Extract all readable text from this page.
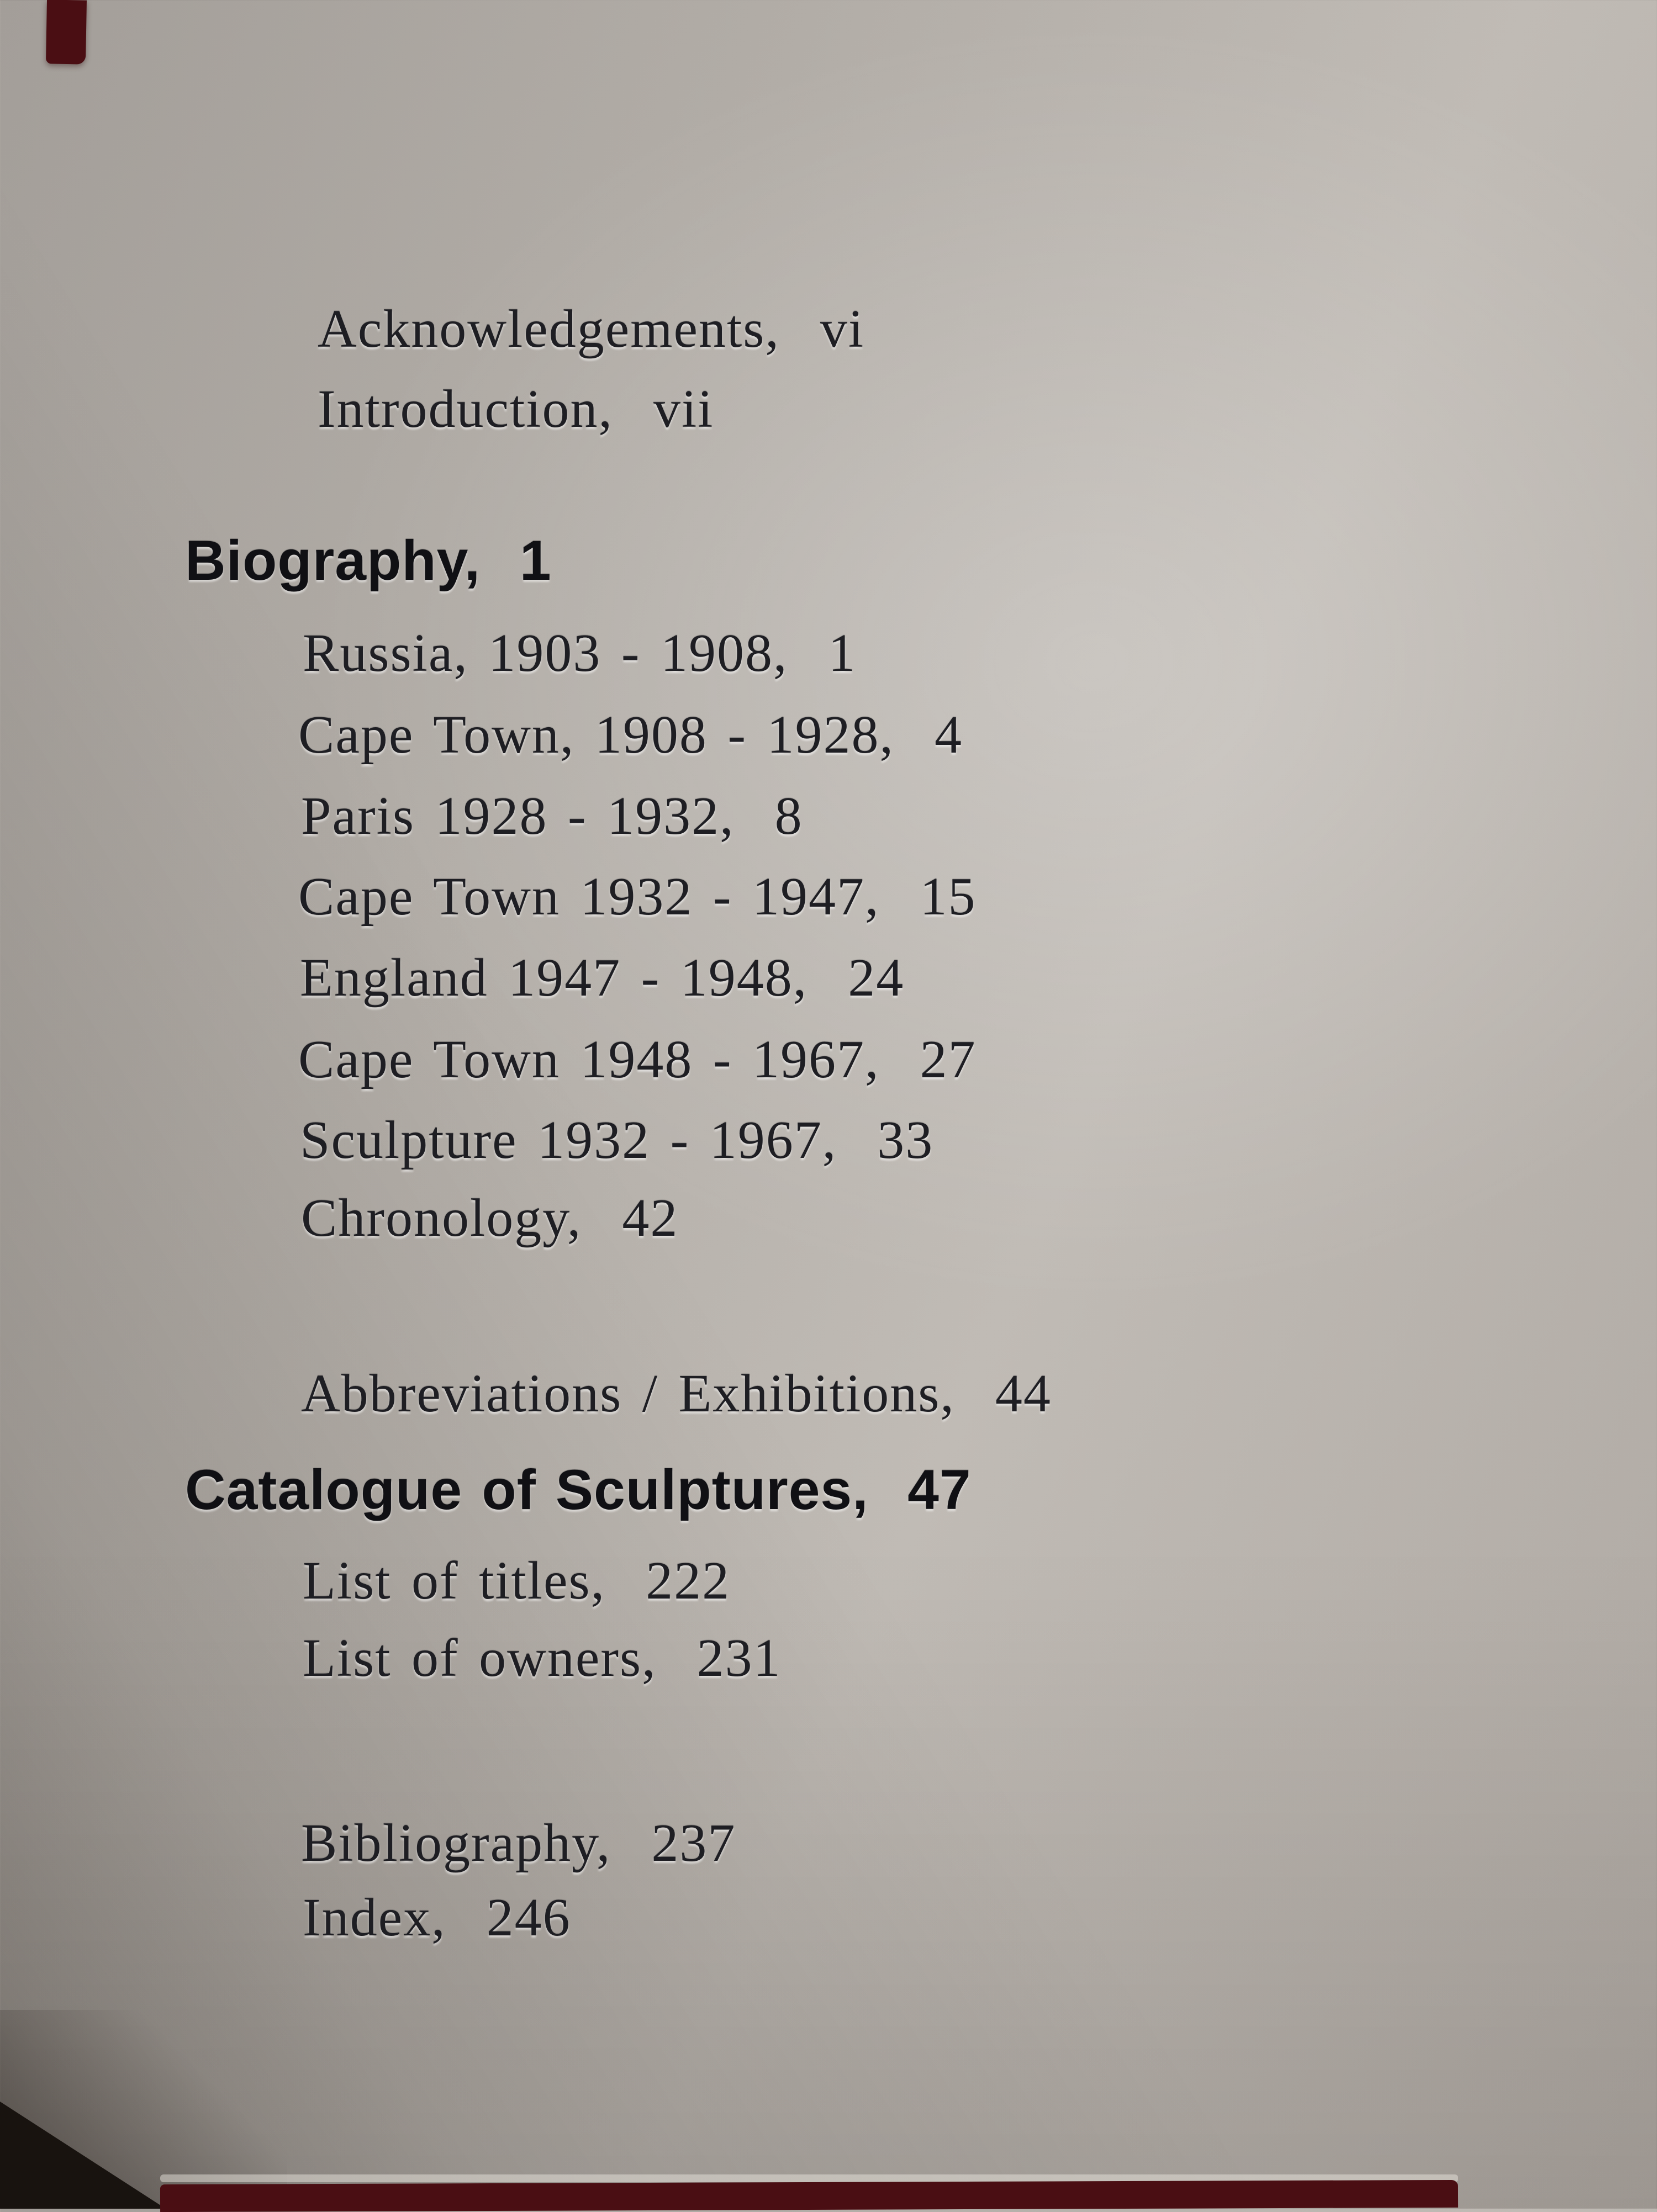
Acknowledgements,  vi
Introduction,  vii
Biography,  1
Russia, 1903 - 1908,  1
Cape Town, 1908 - 1928,  4
Paris 1928 - 1932,  8
Cape Town 1932 - 1947,  15
England 1947 - 1948,  24
Cape Town 1948 - 1967,  27
Sculpture 1932 - 1967,  33
Chronology,  42
Abbreviations / Exhibitions,  44
Catalogue of Sculptures,  47
List of titles,  222
List of owners,  231
Bibliography,  237
Index,  246
